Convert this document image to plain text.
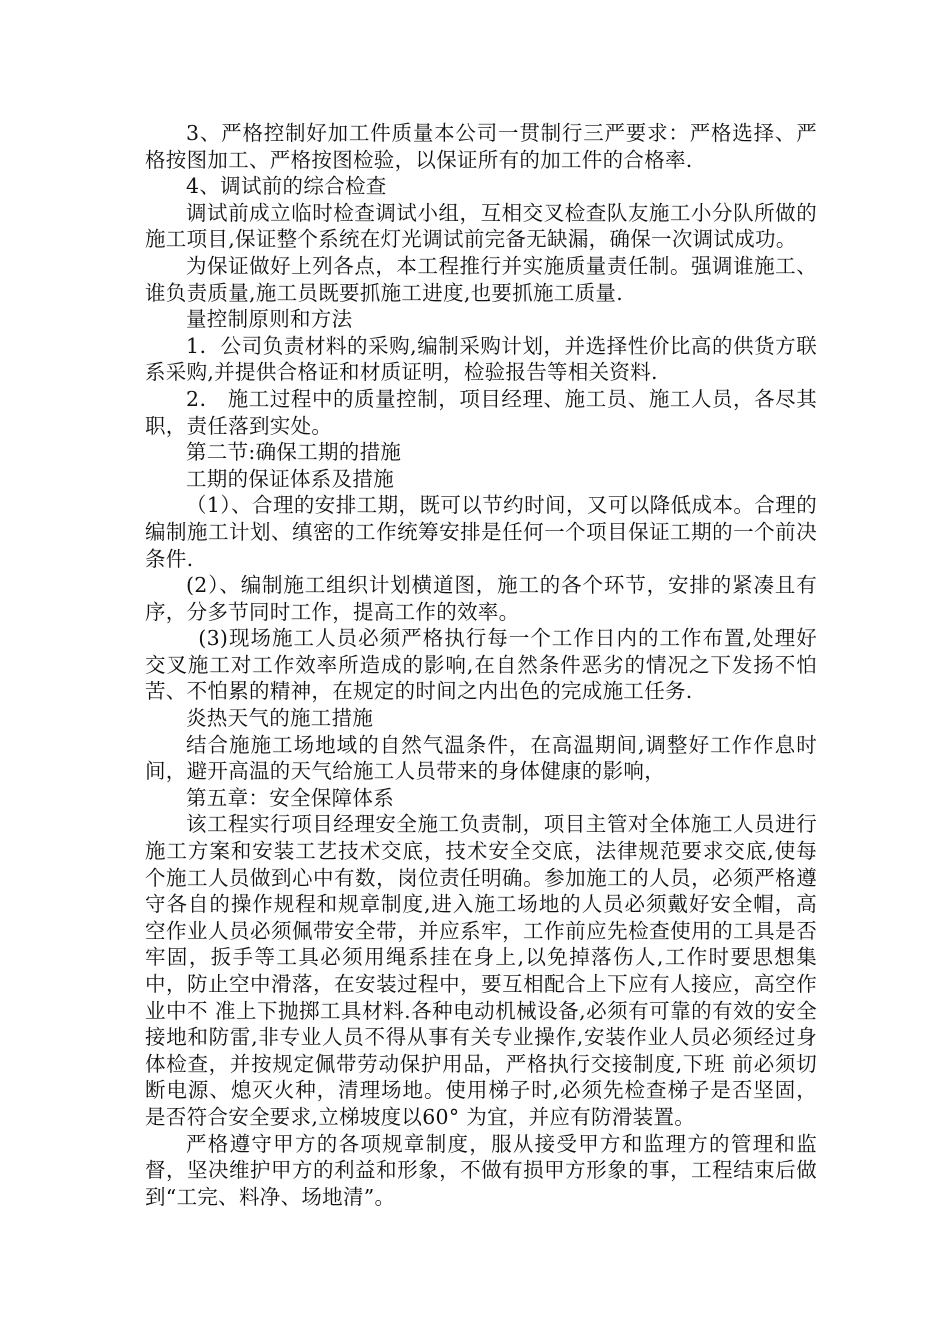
3、严格控制好加工件质量本公司一贯制行三严要求：严格选择、严格按图加工、严格按图检验，以保证所有的加工件的合格率.

4、调试前的综合检查

调试前成立临时检查调试小组，互相交叉检查队友施工小分队所做的施工项目,保证整个系统在灯光调试前完备无缺漏，确保一次调试成功。

为保证做好上列各点，本工程推行并实施质量责任制。强调谁施工、谁负责质量,施工员既要抓施工进度,也要抓施工质量.

量控制原则和方法

1．公司负责材料的采购,编制采购计划，并选择性价比高的供货方联系采购,并提供合格证和材质证明，检验报告等相关资料.

2． 施工过程中的质量控制，项目经理、施工员、施工人员，各尽其职，责任落到实处。

第二节:确保工期的措施

工期的保证体系及措施

（1）、合理的安排工期，既可以节约时间，又可以降低成本。合理的编制施工计划、缜密的工作统筹安排是任何一个项目保证工期的一个前决条件.

(2）、编制施工组织计划横道图，施工的各个环节，安排的紧凑且有序，分多节同时工作，提高工作的效率。

(3)现场施工人员必须严格执行每一个工作日内的工作布置,处理好交叉施工对工作效率所造成的影响,在自然条件恶劣的情况之下发扬不怕苦、不怕累的精神，在规定的时间之内出色的完成施工任务.

炎热天气的施工措施

结合施施工场地域的自然气温条件，在高温期间,调整好工作作息时间，避开高温的天气给施工人员带来的身体健康的影响，

第五章：安全保障体系

该工程实行项目经理安全施工负责制，项目主管对全体施工人员进行施工方案和安装工艺技术交底，技术安全交底，法律规范要求交底,使每个施工人员做到心中有数，岗位责任明确。参加施工的人员，必须严格遵守各自的操作规程和规章制度,进入施工场地的人员必须戴好安全帽，高空作业人员必须佩带安全带，并应系牢，工作前应先检查使用的工具是否牢固，扳手等工具必须用绳系挂在身上,以免掉落伤人,工作时要思想集中，防止空中滑落，在安装过程中，要互相配合上下应有人接应，高空作业中不 准上下抛掷工具材料.各种电动机械设备,必须有可靠的有效的安全接地和防雷,非专业人员不得从事有关专业操作,安装作业人员必须经过身体检查，并按规定佩带劳动保护用品，严格执行交接制度,下班 前必须切断电源、熄灭火种，清理场地。使用梯子时,必须先检查梯子是否坚固，是否符合安全要求,立梯坡度以60° 为宜，并应有防滑装置。

严格遵守甲方的各项规章制度，服从接受甲方和监理方的管理和监督，坚决维护甲方的利益和形象，不做有损甲方形象的事，工程结束后做到“工完、料净、场地清”。
